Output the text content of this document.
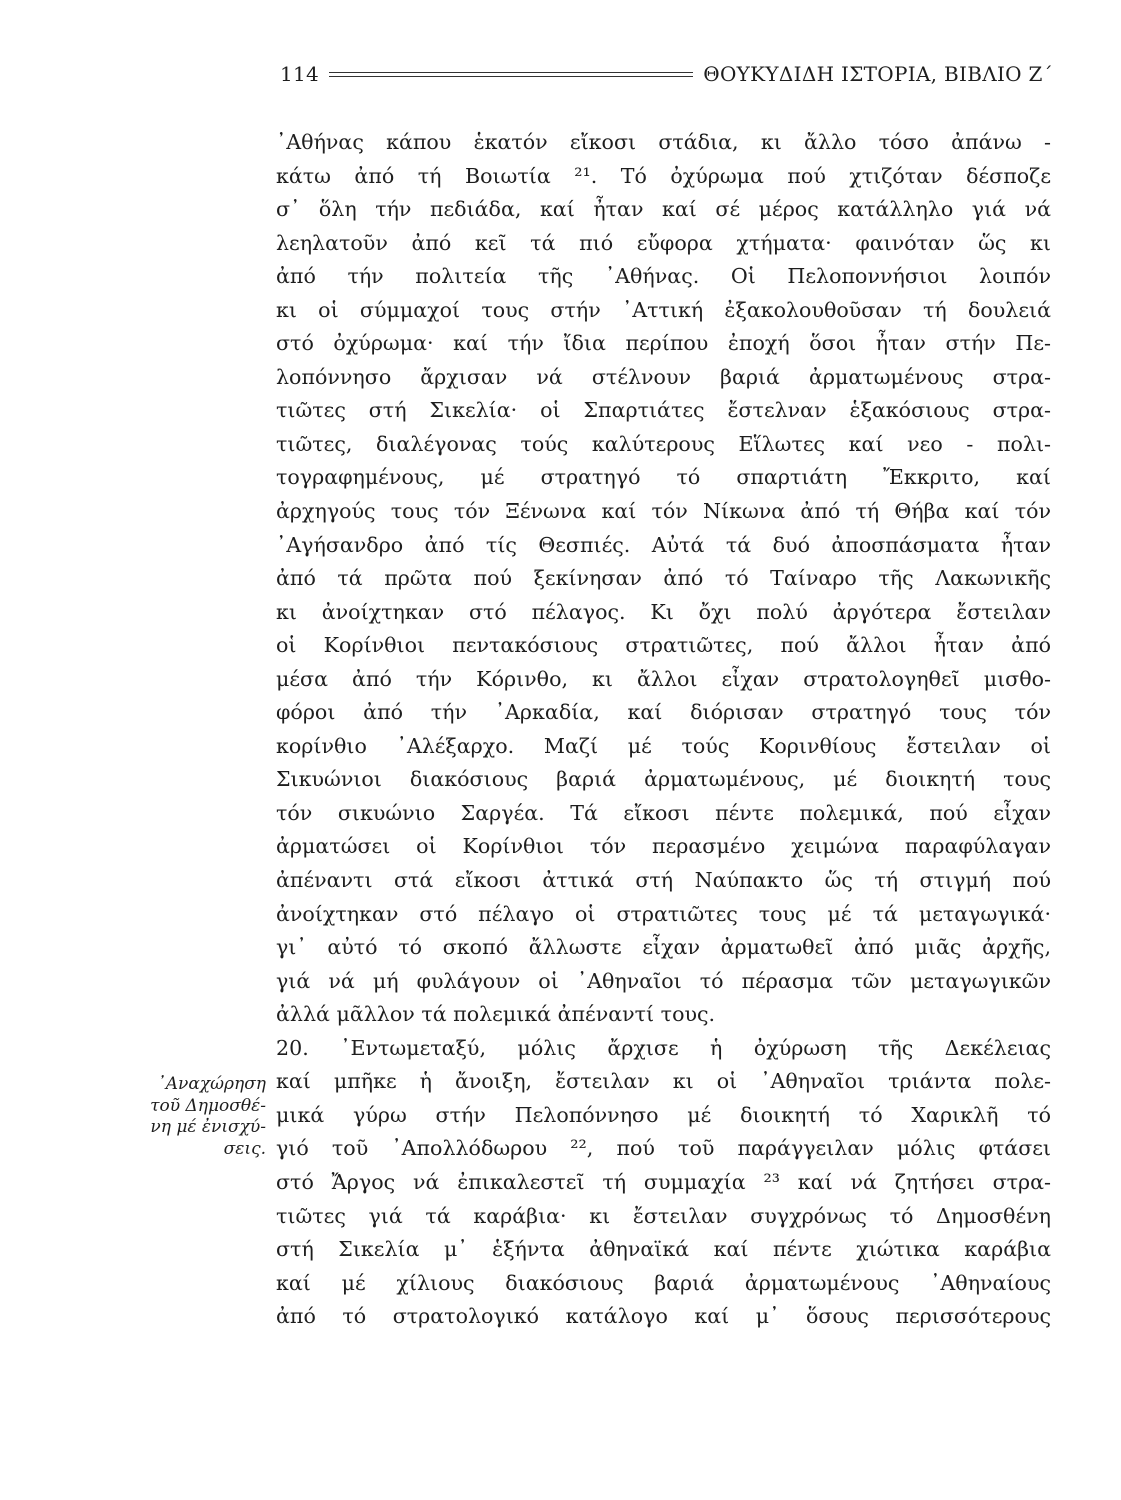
114	ΘΟΥΚΥΔΙΔΗ ΙΣΤΟΡΙΑ, ΒΙΒΛΙΟ Ζ΄
᾿Αναχώρηση
τοῦ Δημοσθέ-
νη μέ ἐνισχύ-
σεις.
᾿Αθήνας κάπου ἑκατόν εἴκοσι στάδια, κι ἄλλο τόσο ἀπάνω -
κάτω ἀπό τή Βοιωτία ²¹. Τό ὀχύρωμα πού χτιζόταν δέσποζε
σ᾿ ὅλη τήν πεδιάδα, καί ἦταν καί σέ μέρος κατάλληλο γιά νά
λεηλατοῦν ἀπό κεῖ τά πιό εὔφορα χτήματα· φαινόταν ὥς κι
ἀπό τήν πολιτεία τῆς ᾿Αθήνας. Οἱ Πελοποννήσιοι λοιπόν
κι οἱ σύμμαχοί τους στήν ᾿Αττική ἐξακολουθοῦσαν τή δουλειά
στό ὀχύρωμα· καί τήν ἴδια περίπου ἐποχή ὅσοι ἦταν στήν Πε-
λοπόννησο ἄρχισαν νά στέλνουν βαριά ἀρματωμένους στρα-
τιῶτες στή Σικελία· οἱ Σπαρτιάτες ἔστελναν ἑξακόσιους στρα-
τιῶτες, διαλέγονας τούς καλύτερους Εἵλωτες καί νεο - πολι-
τογραφημένους, μέ στρατηγό τό σπαρτιάτη Ἔκκριτο, καί
ἀρχηγούς τους τόν Ξένωνα καί τόν Νίκωνα ἀπό τή Θήβα καί τόν
᾿Αγήσανδρο ἀπό τίς Θεσπιές. Αὐτά τά δυό ἀποσπάσματα ἦταν
ἀπό τά πρῶτα πού ξεκίνησαν ἀπό τό Ταίναρο τῆς Λακωνικῆς
κι ἀνοίχτηκαν στό πέλαγος. Κι ὄχι πολύ ἀργότερα ἔστειλαν
οἱ Κορίνθιοι πεντακόσιους στρατιῶτες, πού ἄλλοι ἦταν ἀπό
μέσα ἀπό τήν Κόρινθο, κι ἄλλοι εἶχαν στρατολογηθεῖ μισθο-
φόροι ἀπό τήν ᾿Αρκαδία, καί διόρισαν στρατηγό τους τόν
κορίνθιο ᾿Αλέξαρχο. Μαζί μέ τούς Κορινθίους ἔστειλαν οἱ
Σικυώνιοι διακόσιους βαριά ἀρματωμένους, μέ διοικητή τους
τόν σικυώνιο Σαργέα. Τά εἴκοσι πέντε πολεμικά, πού εἶχαν
ἀρματώσει οἱ Κορίνθιοι τόν περασμένο χειμώνα παραφύλαγαν
ἀπέναντι στά εἴκοσι ἀττικά στή Ναύπακτο ὥς τή στιγμή πού
ἀνοίχτηκαν στό πέλαγο οἱ στρατιῶτες τους μέ τά μεταγωγικά·
γι᾿ αὐτό τό σκοπό ἄλλωστε εἶχαν ἀρματωθεῖ ἀπό μιᾶς ἀρχῆς,
γιά νά μή φυλάγουν οἱ ᾿Αθηναῖοι τό πέρασμα τῶν μεταγωγικῶν
ἀλλά μᾶλλον τά πολεμικά ἀπέναντί τους.
20. ᾿Εντωμεταξύ, μόλις ἄρχισε ἡ ὀχύρωση τῆς Δεκέλειας
καί μπῆκε ἡ ἄνοιξη, ἔστειλαν κι οἱ ᾿Αθηναῖοι τριάντα πολε-
μικά γύρω στήν Πελοπόννησο μέ διοικητή τό Χαρικλῆ τό
γιό τοῦ ᾿Απολλόδωρου ²², πού τοῦ παράγγειλαν μόλις φτάσει
στό Ἄργος νά ἐπικαλεστεῖ τή συμμαχία ²³ καί νά ζητήσει στρα-
τιῶτες γιά τά καράβια· κι ἔστειλαν συγχρόνως τό Δημοσθένη
στή Σικελία μ᾿ ἑξήντα ἀθηναϊκά καί πέντε χιώτικα καράβια
καί μέ χίλιους διακόσιους βαριά ἀρματωμένους ᾿Αθηναίους
ἀπό τό στρατολογικό κατάλογο καί μ᾿ ὅσους περισσότερους
